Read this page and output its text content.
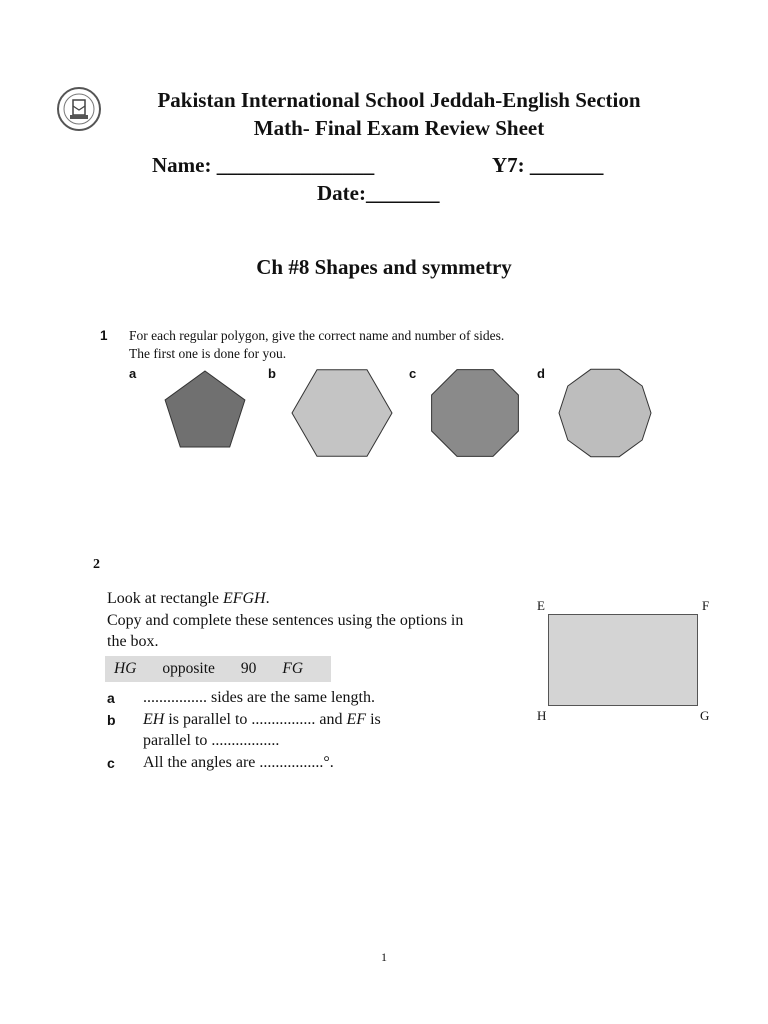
Pakistan International School Jeddah-English Section
Math- Final Exam Review Sheet
Name: _______________	Y7: _______
Date:_______
Ch #8 Shapes and symmetry
1 For each regular polygon, give the correct name and number of sides.
The first one is done for you.
a	b	c	d
2
Look at rectangle EFGH.
Copy and complete these sentences using the options in
the box.
HG opposite 90 FG
a ................ sides are the same length.
b EH is parallel to ................ and EF is
parallel to .................
c All the angles are ................°.
E	F
H	G
1
